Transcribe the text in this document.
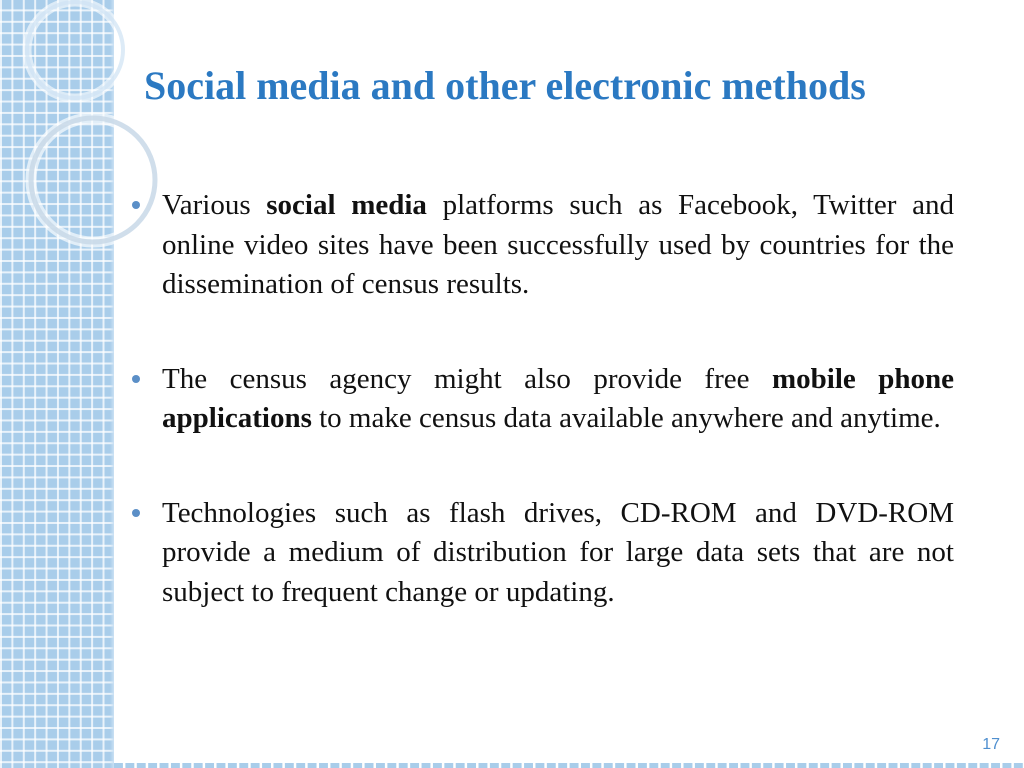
Social media and other electronic methods

Various social media platforms such as Facebook, Twitter and online video sites have been successfully used by countries for the dissemination of census results.

The census agency might also provide free mobile phone applications to make census data available anywhere and anytime.

Technologies such as flash drives, CD-ROM and DVD-ROM provide a medium of distribution for large data sets that are not subject to frequent change or updating.

17
